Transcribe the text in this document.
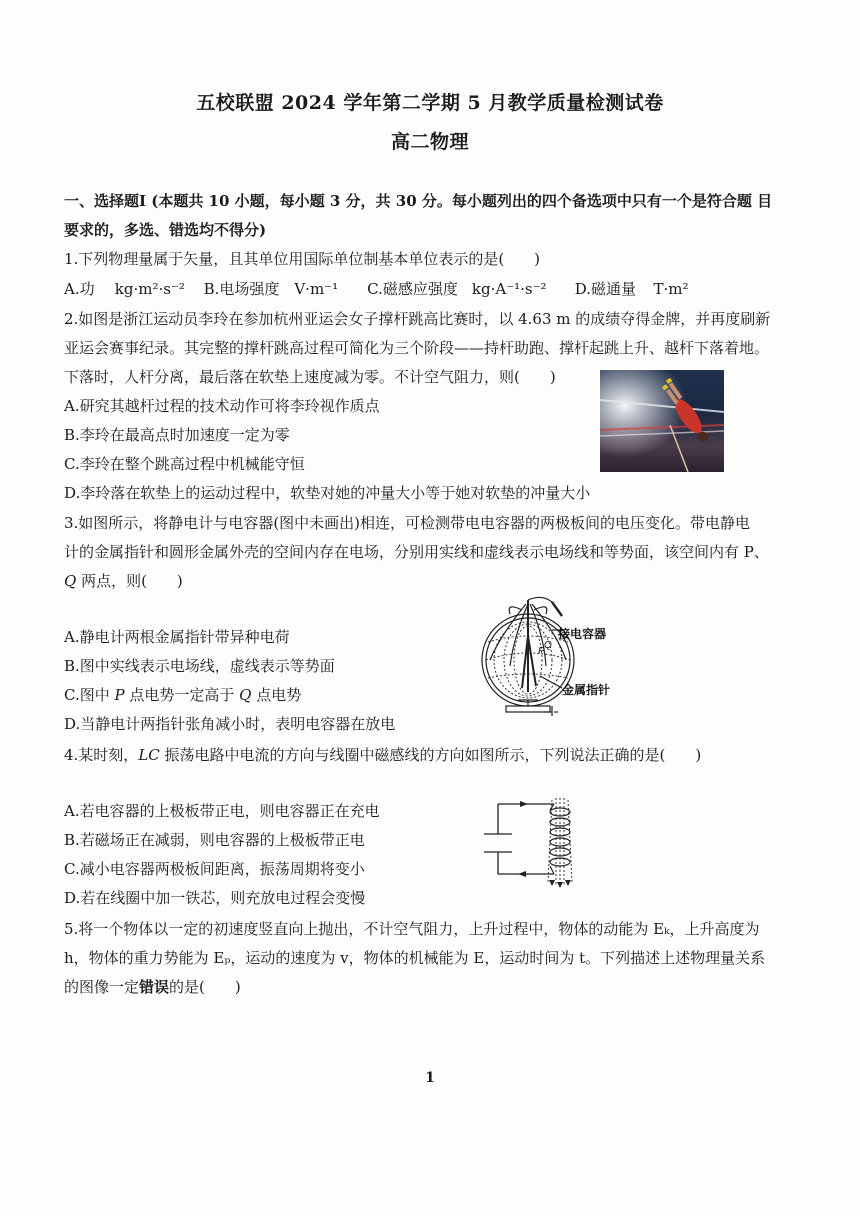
五校联盟 2024 学年第二学期 5 月教学质量检测试卷
高二物理
一、选择题Ⅰ (本题共 10 小题，每小题 3 分，共 30 分。每小题列出的四个备选项中只有一个是符合题 目
要求的，多选、错选均不得分)
1.下列物理量属于矢量，且其单位用国际单位制基本单位表示的是(　　)
A.功 kg·m²·s⁻² B.电场强度 V·m⁻¹ C.磁感应强度 kg·A⁻¹·s⁻² D.磁通量 T·m²
2.如图是浙江运动员李玲在参加杭州亚运会女子撑杆跳高比赛时，以 4.63 m 的成绩夺得金牌，并再度刷新
亚运会赛事纪录。其完整的撑杆跳高过程可简化为三个阶段——持杆助跑、撑杆起跳上升、越杆下落着地。
下落时，人杆分离，最后落在软垫上速度减为零。不计空气阻力，则(　　)
A.研究其越杆过程的技术动作可将李玲视作质点
B.李玲在最高点时加速度一定为零
C.李玲在整个跳高过程中机械能守恒
D.李玲落在软垫上的运动过程中，软垫对她的冲量大小等于她对软垫的冲量大小
3.如图所示，将静电计与电容器(图中未画出)相连，可检测带电电容器的两极板间的电压变化。带电静电
计的金属指针和圆形金属外壳的空间内存在电场，分别用实线和虚线表示电场线和等势面，该空间内有 P、
Q 两点，则(　　)
A.静电计两根金属指针带异种电荷
B.图中实线表示电场线，虚线表示等势面
C.图中 P 点电势一定高于 Q 点电势
D.当静电计两指针张角减小时，表明电容器在放电
接电容器
金属指针
P
Q
4.某时刻，LC 振荡电路中电流的方向与线圈中磁感线的方向如图所示，下列说法正确的是(　　)
A.若电容器的上极板带正电，则电容器正在充电
B.若磁场正在减弱，则电容器的上极板带正电
C.减小电容器两极板间距离，振荡周期将变小
D.若在线圈中加一铁芯，则充放电过程会变慢
5.将一个物体以一定的初速度竖直向上抛出，不计空气阻力，上升过程中，物体的动能为 Eₖ，上升高度为
h，物体的重力势能为 Eₚ，运动的速度为 v，物体的机械能为 E，运动时间为 t。下列描述上述物理量关系
的图像一定错误的是(　　)
1
